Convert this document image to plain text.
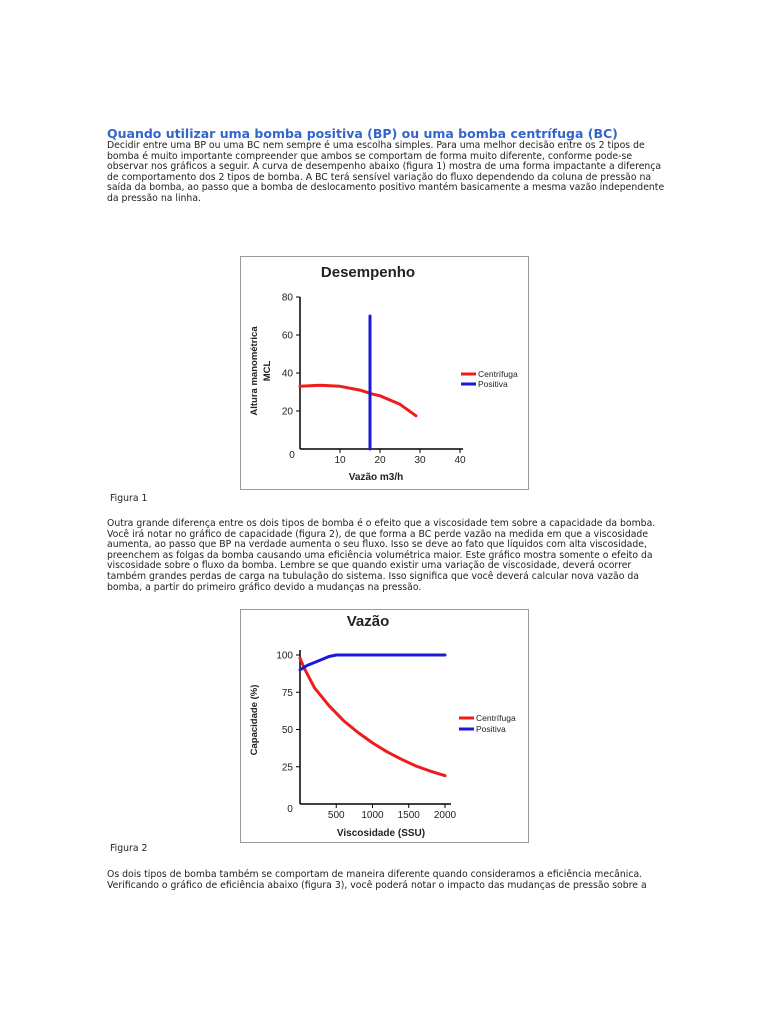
Quando utilizar uma bomba positiva (BP) ou uma bomba centrífuga (BC)
Decidir entre uma BP ou uma BC nem sempre é uma escolha simples. Para uma melhor decisão entre os 2 tipos de bomba é muito importante compreender que ambos se comportam de forma muito diferente, conforme pode-se observar nos gráficos a seguir. A curva de desempenho abaixo (figura 1) mostra de uma forma impactante a diferença de comportamento dos 2 tipos de bomba. A BC terá sensível variação do fluxo dependendo da coluna de pressão na saída da bomba, ao passo que a bomba de deslocamento positivo mantém basicamente a mesma vazão independente da pressão na linha.
Desempenho
Altura manométrica MCL
20
40
60
80
10	20	30	40
0
Vazão m3/h
Centrífuga
Positiva
Figura 1
Outra grande diferença entre os dois tipos de bomba é o efeito que a viscosidade tem sobre a capacidade da bomba. Você irá notar no gráfico de capacidade (figura 2), de que forma a BC perde vazão na medida em que a viscosidade aumenta, ao passo que BP na verdade aumenta o seu fluxo. Isso se deve ao fato que líquidos com alta viscosidade, preenchem as folgas da bomba causando uma eficiência volumétrica maior. Este gráfico mostra somente o efeito da viscosidade sobre o fluxo da bomba. Lembre se que quando existir uma variação de viscosidade, deverá ocorrer também grandes perdas de carga na tubulação do sistema. Isso significa que você deverá calcular nova vazão da bomba, a partir do primeiro gráfico devido a mudanças na pressão.
Vazão
Capacidade (%)
25
50
75
100
500 1000 1500 2000
0
Viscosidade (SSU)
Centrífuga
Positiva
Figura 2
Os dois tipos de bomba também se comportam de maneira diferente quando consideramos a eficiência mecânica. Verificando o gráfico de eficiência abaixo (figura 3), você poderá notar o impacto das mudanças de pressão sobre a
